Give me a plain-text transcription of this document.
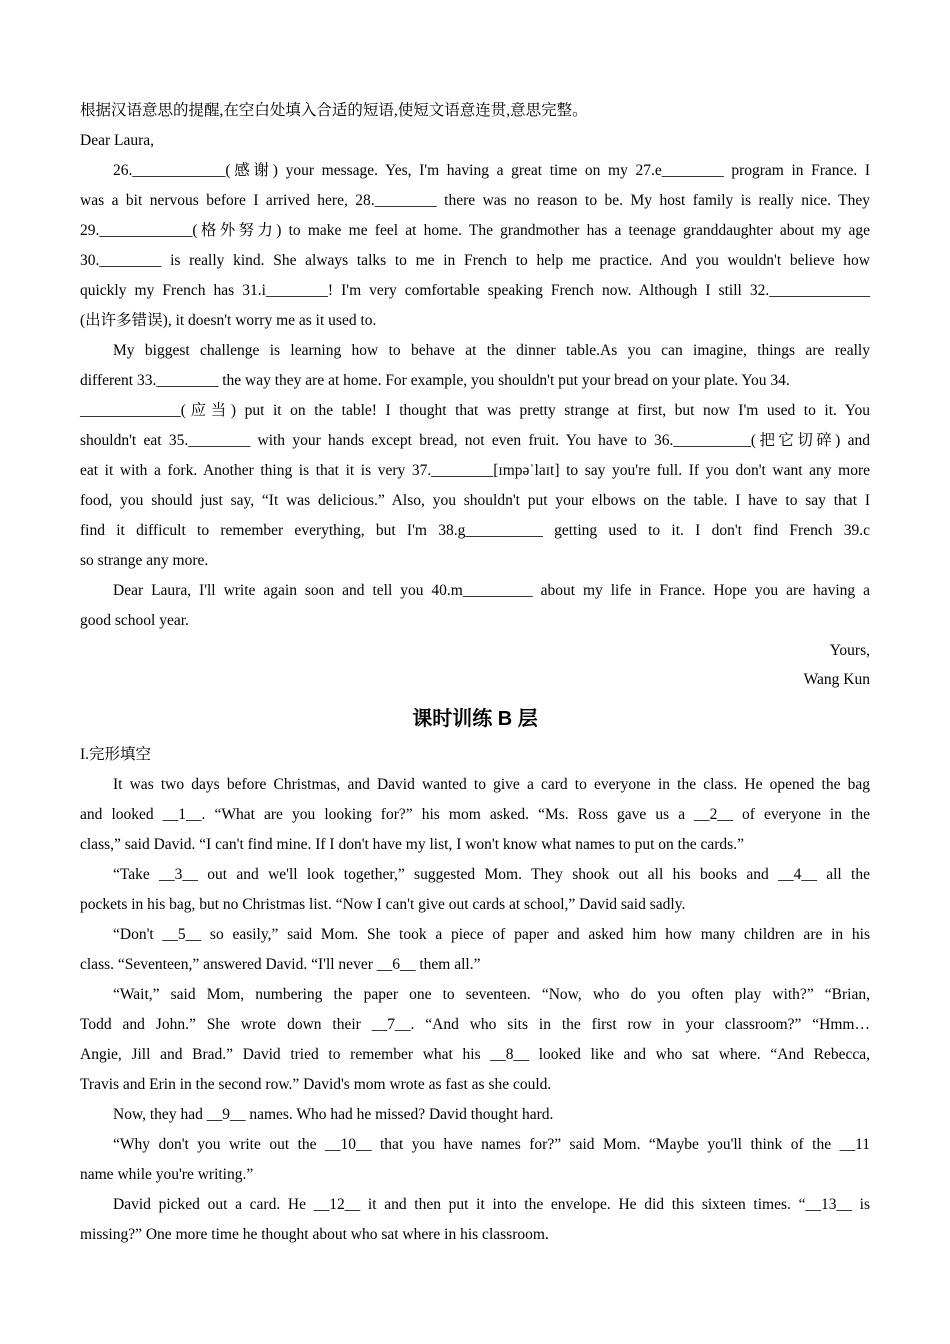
根据汉语意思的提醒,在空白处填入合适的短语,使短文语意连贯,意思完整。
Dear Laura,
26.____________(感谢) your message. Yes, I'm having a great time on my 27.e________ program in France. I
was a bit nervous before I arrived here, 28.________ there was no reason to be. My host family is really nice. They
29.____________(格外努力) to make me feel at home. The grandmother has a teenage granddaughter about my age
30.________ is really kind. She always talks to me in French to help me practice. And you wouldn't believe how
quickly my French has 31.i________! I'm very comfortable speaking French now. Although I still 32._____________
(出许多错误), it doesn't worry me as it used to.
My biggest challenge is learning how to behave at the dinner table.As you can imagine, things are really
different 33.________ the way they are at home. For example, you shouldn't put your bread on your plate. You 34.
_____________(应当) put it on the table! I thought that was pretty strange at first, but now I'm used to it. You
shouldn't eat 35.________ with your hands except bread, not even fruit. You have to 36.__________(把它切碎) and
eat it with a fork. Another thing is that it is very 37.________[ɪmpəˈlaɪt] to say you're full. If you don't want any more
food, you should just say, “It was delicious.” Also, you shouldn't put your elbows on the table. I have to say that I
find it difficult to remember everything, but I'm 38.g__________ getting used to it. I don't find French 39.c
so strange any more.
Dear Laura, I'll write again soon and tell you 40.m_________ about my life in France. Hope you are having a
good school year.
Yours,
Wang Kun
课时训练 B 层
I.完形填空
It was two days before Christmas, and David wanted to give a card to everyone in the class. He opened the bag
and looked __1__. “What are you looking for?” his mom asked. “Ms. Ross gave us a __2__ of everyone in the
class,” said David. “I can't find mine. If I don't have my list, I won't know what names to put on the cards.”
“Take __3__ out and we'll look together,” suggested Mom. They shook out all his books and __4__ all the
pockets in his bag, but no Christmas list. “Now I can't give out cards at school,” David said sadly.
“Don't __5__ so easily,” said Mom. She took a piece of paper and asked him how many children are in his
class. “Seventeen,” answered David. “I'll never __6__ them all.”
“Wait,” said Mom, numbering the paper one to seventeen. “Now, who do you often play with?” “Brian,
Todd and John.” She wrote down their __7__. “And who sits in the first row in your classroom?” “Hmm…
Angie, Jill and Brad.” David tried to remember what his __8__ looked like and who sat where. “And Rebecca,
Travis and Erin in the second row.” David's mom wrote as fast as she could.
Now, they had __9__ names. Who had he missed? David thought hard.
“Why don't you write out the __10__ that you have names for?” said Mom. “Maybe you'll think of the __11
name while you're writing.”
David picked out a card. He __12__ it and then put it into the envelope. He did this sixteen times. “__13__ is
missing?” One more time he thought about who sat where in his classroom.
